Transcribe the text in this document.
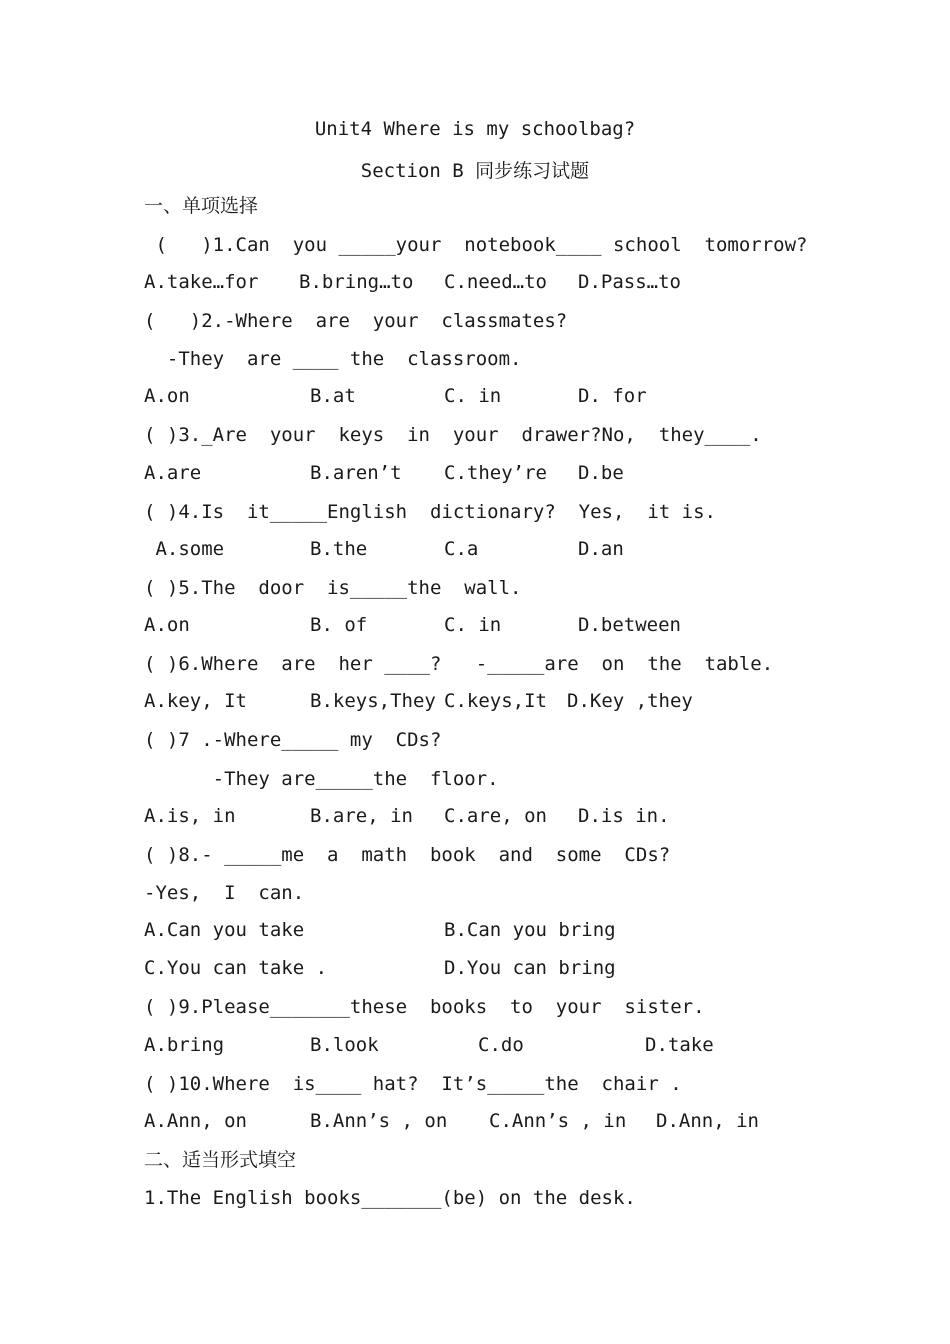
Unit4 Where is my schoolbag?
Section B 同步练习试题
一、单项选择
(   )1.Can  you _____your  notebook____ school  tomorrow?
A.take…for B.bring…to C.need…to D.Pass…to
(   )2.-Where  are  your  classmates?
-They  are ____ the  classroom.
A.on	B.at	C. in	D. for
( )3._Are  your  keys  in  your  drawer?No,  they____.
A.are	B.aren’t C.they’re D.be
( )4.Is  it_____English  dictionary?  Yes,  it is.
A.some	B.the	C.a	D.an
( )5.The  door  is_____the  wall.
A.on	B. of	C. in	D.between
( )6.Where  are  her ____?   -_____are  on  the  table.
A.key, It	B.keys,They C.keys,It D.Key ,they
( )7 .-Where_____ my  CDs?
-They are_____the  floor.
A.is, in	B.are, in C.are, on D.is in.
( )8.- _____me  a  math  book  and  some  CDs?
-Yes,  I  can.
A.Can you take	B.Can you bring
C.You can take .	D.You can bring
( )9.Please_______these  books  to  your  sister.
A.bring	B.look	C.do	D.take
( )10.Where  is____ hat?  It’s_____the  chair .
A.Ann, on	B.Ann’s , on C.Ann’s , in D.Ann, in
二、适当形式填空
1.The English books_______(be) on the desk.
